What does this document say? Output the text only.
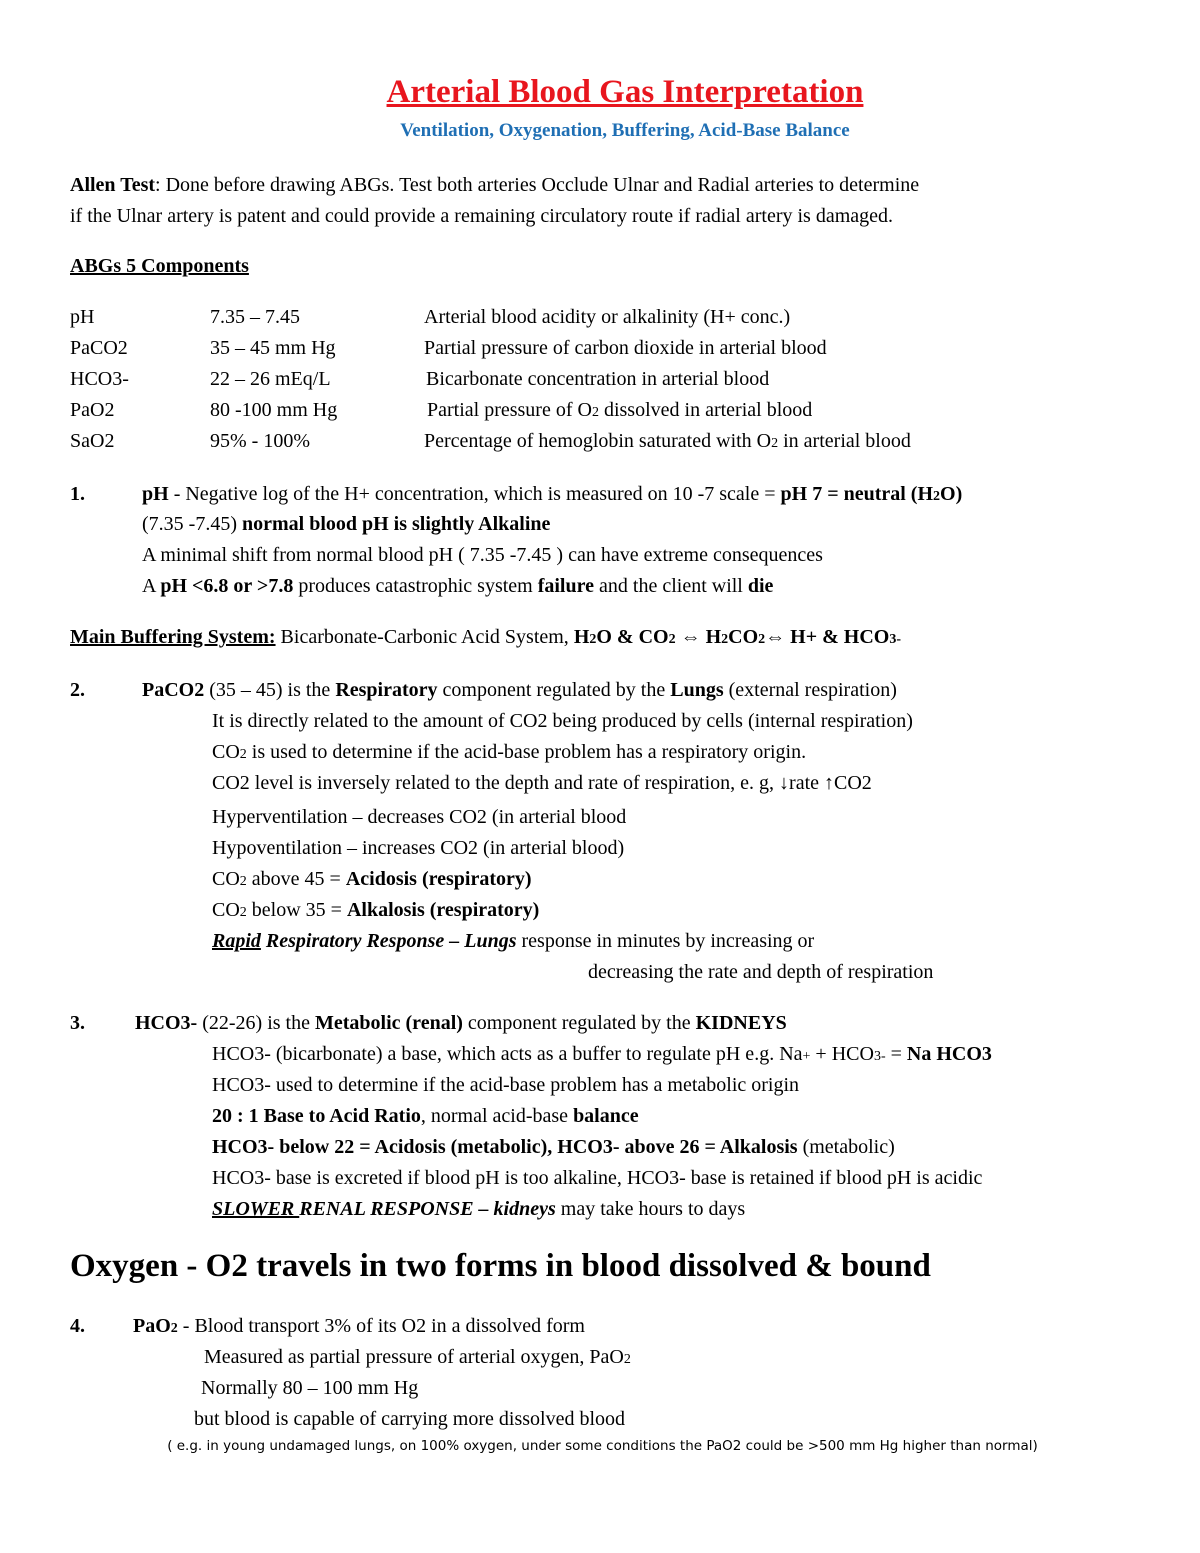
Arterial Blood Gas Interpretation
Ventilation, Oxygenation, Buffering, Acid-Base Balance
Allen Test: Done before drawing ABGs. Test both arteries Occlude Ulnar and Radial arteries to determine
if the Ulnar artery is patent and could provide a remaining circulatory route if radial artery is damaged.
ABGs 5 Components
pH	7.35 – 7.45	Arterial blood acidity or alkalinity (H+ conc.)
PaCO2	35 – 45 mm Hg	Partial pressure of carbon dioxide in arterial blood
HCO3-	22 – 26 mEq/L	Bicarbonate concentration in arterial blood
PaO2	80 -100 mm Hg	Partial pressure of O2 dissolved in arterial blood
SaO2	95% - 100%	Percentage of hemoglobin saturated with O2 in arterial blood
1.	pH - Negative log of the H+ concentration, which is measured on 10 -7 scale = pH 7 = neutral (H2O)
(7.35 -7.45) normal blood pH is slightly Alkaline
A minimal shift from normal blood pH ( 7.35 -7.45 ) can have extreme consequences
A pH <6.8 or >7.8 produces catastrophic system failure and the client will die
Main Buffering System: Bicarbonate-Carbonic Acid System, H2O & CO2 ⇔ H2CO2⇔ H+ & HCO3-
2.	PaCO2 (35 – 45) is the Respiratory component regulated by the Lungs (external respiration)
It is directly related to the amount of CO2 being produced by cells (internal respiration)
CO2 is used to determine if the acid-base problem has a respiratory origin.
CO2 level is inversely related to the depth and rate of respiration, e. g, ↓rate ↑CO2
Hyperventilation – decreases CO2 (in arterial blood
Hypoventilation – increases CO2 (in arterial blood)
CO2 above 45 = Acidosis (respiratory)
CO2 below 35 = Alkalosis (respiratory)
Rapid Respiratory Response – Lungs response in minutes by increasing or
decreasing the rate and depth of respiration
3.	HCO3- (22-26) is the Metabolic (renal) component regulated by the KIDNEYS
HCO3- (bicarbonate) a base, which acts as a buffer to regulate pH e.g. Na+ + HCO3- = Na HCO3
HCO3- used to determine if the acid-base problem has a metabolic origin
20 : 1 Base to Acid Ratio, normal acid-base balance
HCO3- below 22 = Acidosis (metabolic), HCO3- above 26 = Alkalosis (metabolic)
HCO3- base is excreted if blood pH is too alkaline, HCO3- base is retained if blood pH is acidic
SLOWER RENAL RESPONSE – kidneys may take hours to days
Oxygen - O2 travels in two forms in blood dissolved & bound
4. PaO2 - Blood transport 3% of its O2 in a dissolved form
Measured as partial pressure of arterial oxygen, PaO2
Normally 80 – 100 mm Hg
but blood is capable of carrying more dissolved blood
( e.g. in young undamaged lungs, on 100% oxygen, under some conditions the PaO2 could be >500 mm Hg higher than normal)
